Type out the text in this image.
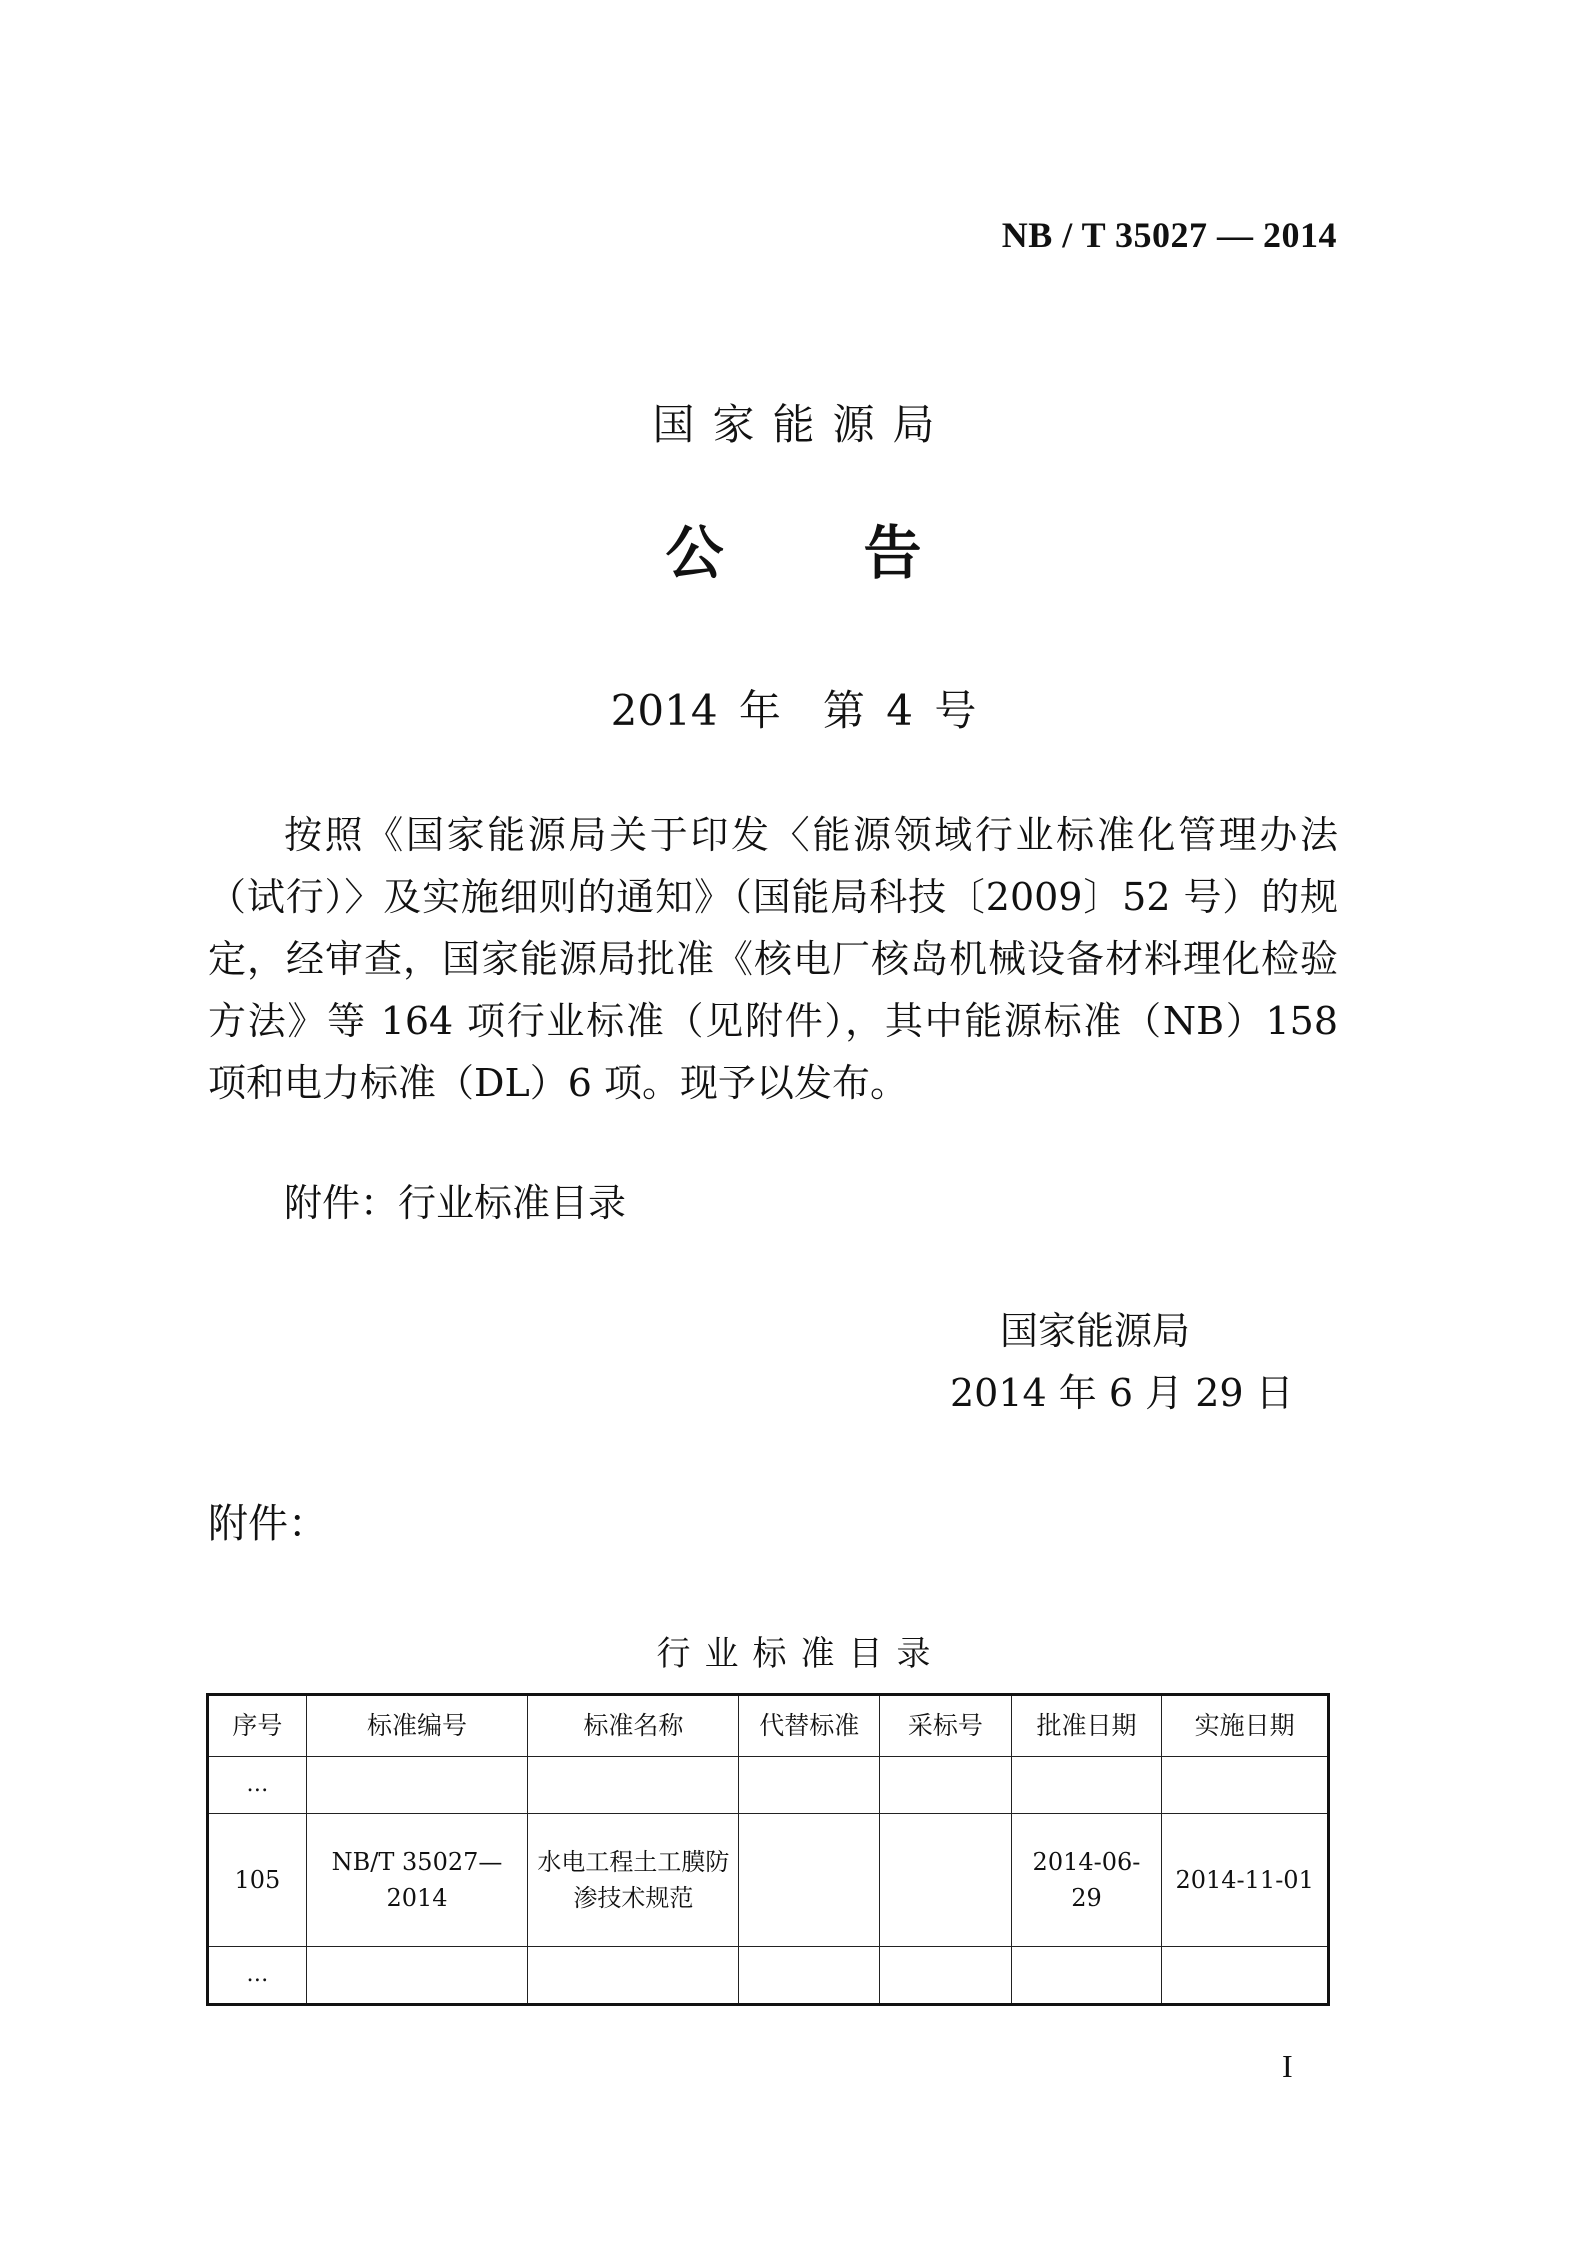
NB / T 35027 — 2014
国家能源局
公告
2014 年　第 4 号
按照《国家能源局关于印发〈能源领域行业标准化管理办法（试行）〉及实施细则的通知》（国能局科技〔2009〕52 号）的规定，经审查，国家能源局批准《核电厂核岛机械设备材料理化检验方法》等 164 项行业标准（见附件），其中能源标准（NB）158 项和电力标准（DL）6 项。现予以发布。
附件：行业标准目录
国家能源局
2014 年 6 月 29 日
附件：
行业标准目录
序号	标准编号	标准名称	代替标准	采标号	批准日期	实施日期
…						
105	NB/T 35027—2014	水电工程土工膜防渗技术规范			2014-06-29	2014-11-01
…						
I
